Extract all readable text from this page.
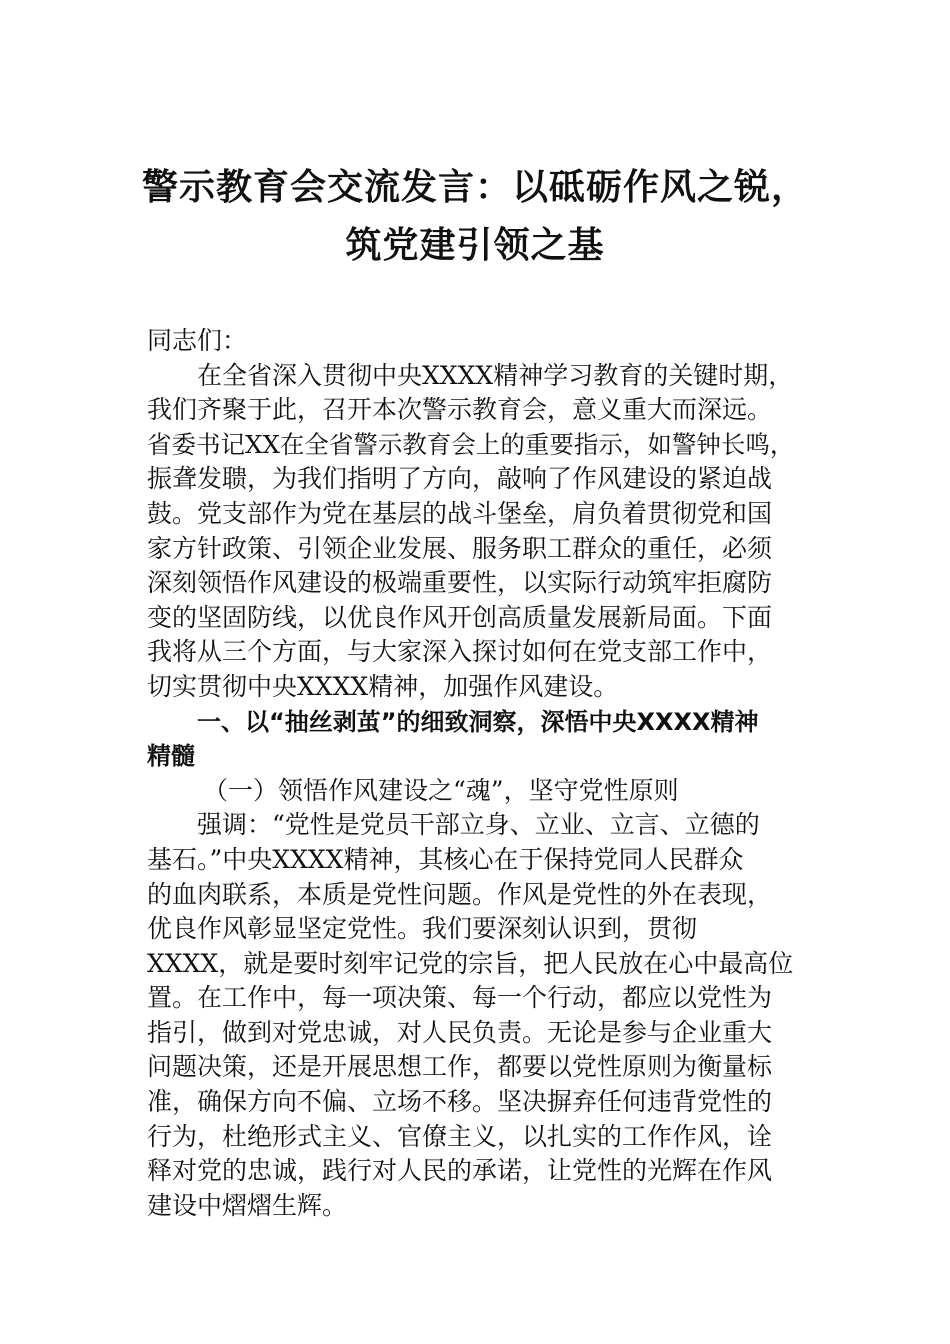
警示教育会交流发言：以砥砺作风之锐，
筑党建引领之基
同志们：
在全省深入贯彻中央XXXX精神学习教育的关键时期，
我们齐聚于此，召开本次警示教育会，意义重大而深远。
省委书记XX在全省警示教育会上的重要指示，如警钟长鸣，
振聋发聩，为我们指明了方向，敲响了作风建设的紧迫战
鼓。党支部作为党在基层的战斗堡垒，肩负着贯彻党和国
家方针政策、引领企业发展、服务职工群众的重任，必须
深刻领悟作风建设的极端重要性，以实际行动筑牢拒腐防
变的坚固防线，以优良作风开创高质量发展新局面。下面
我将从三个方面，与大家深入探讨如何在党支部工作中，
切实贯彻中央XXXX精神，加强作风建设。
一、以“抽丝剥茧”的细致洞察，深悟中央XXXX精神
精髓
（一）领悟作风建设之“魂”，坚守党性原则
强调：“党性是党员干部立身、立业、立言、立德的
基石。”中央XXXX精神，其核心在于保持党同人民群众
的血肉联系，本质是党性问题。作风是党性的外在表现，
优良作风彰显坚定党性。我们要深刻认识到，贯彻
XXXX，就是要时刻牢记党的宗旨，把人民放在心中最高位
置。在工作中，每一项决策、每一个行动，都应以党性为
指引，做到对党忠诚，对人民负责。无论是参与企业重大
问题决策，还是开展思想工作，都要以党性原则为衡量标
准，确保方向不偏、立场不移。坚决摒弃任何违背党性的
行为，杜绝形式主义、官僚主义，以扎实的工作作风，诠
释对党的忠诚，践行对人民的承诺，让党性的光辉在作风
建设中熠熠生辉。
